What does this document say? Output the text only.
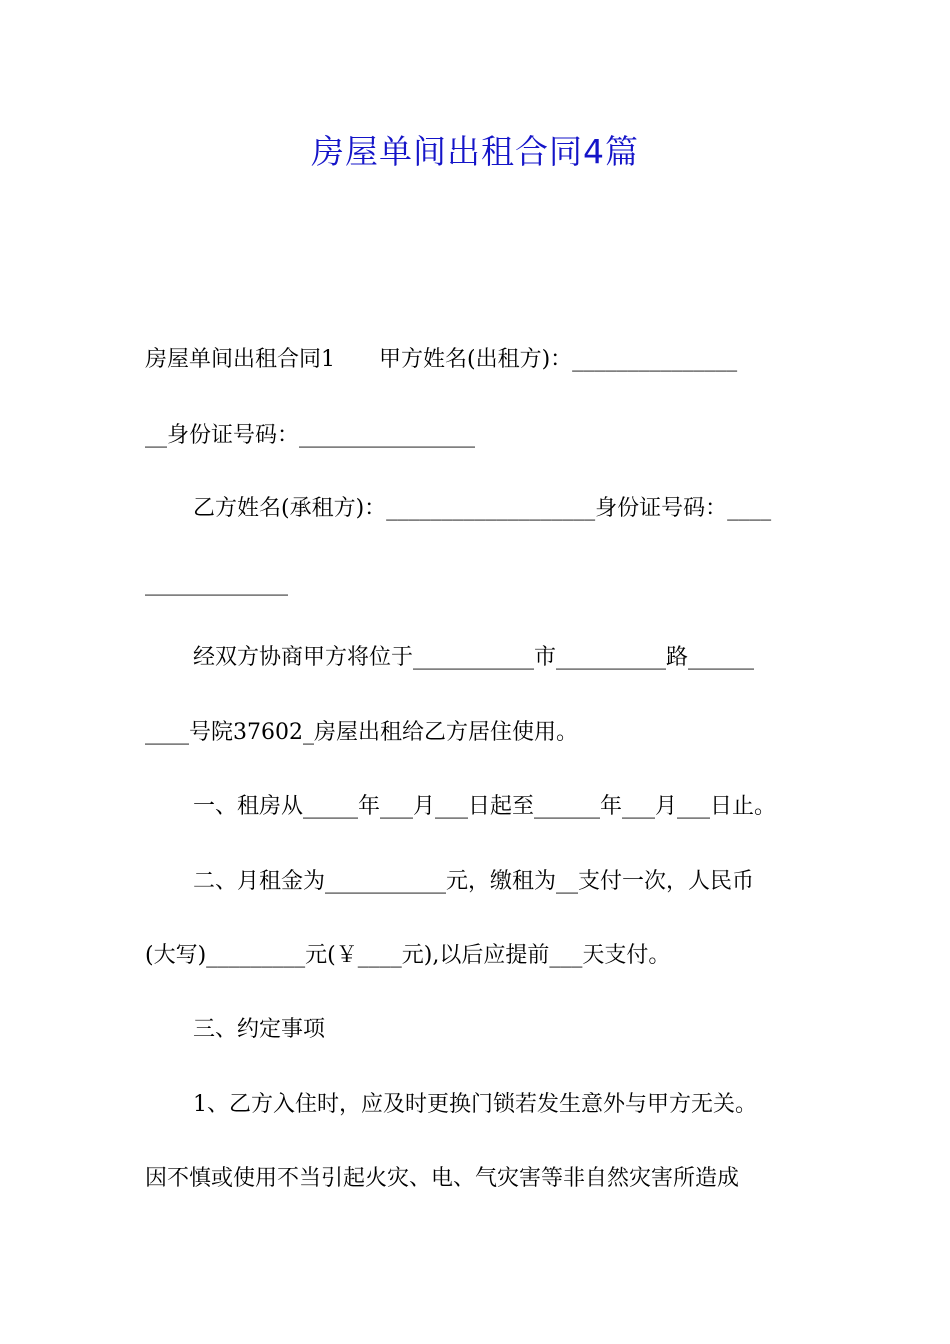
房屋单间出租合同4篇
房屋单间出租合同1　　甲方姓名(出租方)：_______________
__身份证号码：________________
乙方姓名(承租方)：___________________身份证号码：____
_____________
经双方协商甲方将位于___________市__________路______
____号院37602_房屋出租给乙方居住使用。
一、租房从_____年___月___日起至______年___月___日止。
二、月租金为___________元，缴租为__支付一次，人民币
(大写)_________元(￥____元),以后应提前___天支付。
三、约定事项
1、乙方入住时，应及时更换门锁若发生意外与甲方无关。
因不慎或使用不当引起火灾、电、气灾害等非自然灾害所造成
